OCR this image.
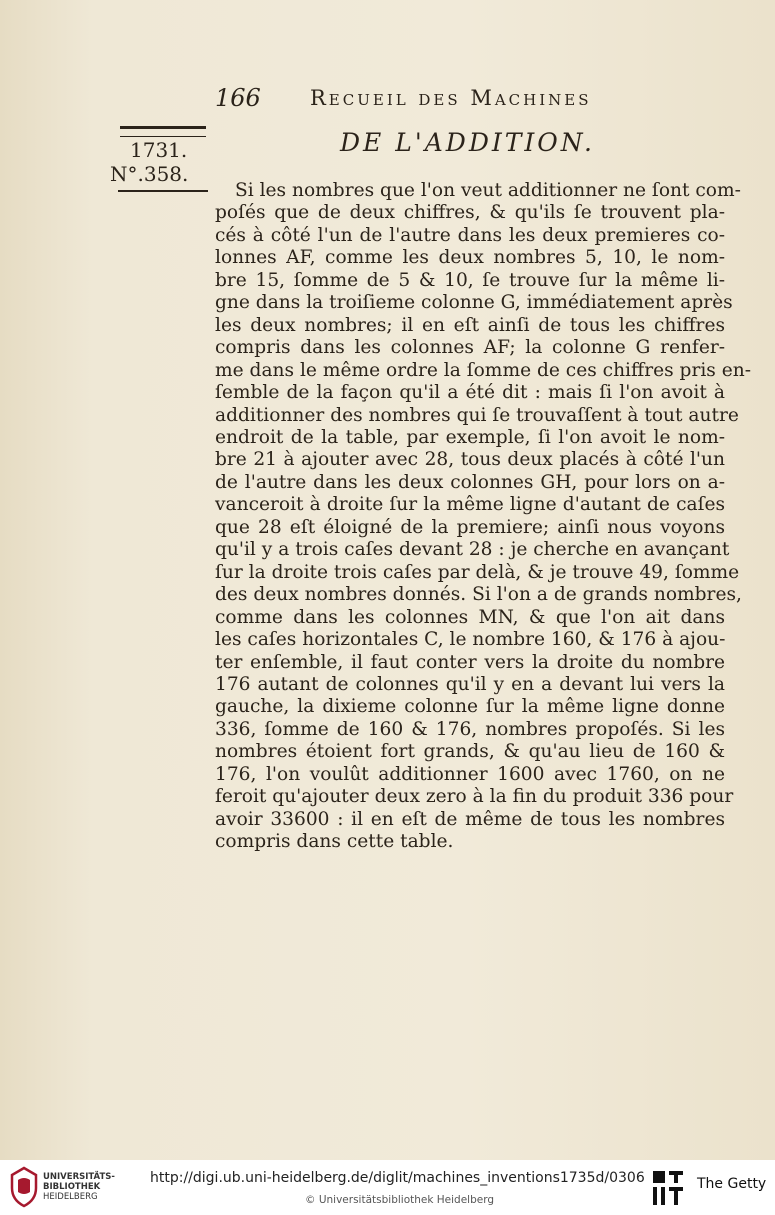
166 Recueil des Machines
1731.
N°.358.
DE L'ADDITION.
Si les nombres que l'on veut additionner ne ſont com-
poſés que de deux chiffres, & qu'ils ſe trouvent pla-
cés à côté l'un de l'autre dans les deux premieres co-
lonnes AF, comme les deux nombres 5, 10, le nom-
bre 15, ſomme de 5 & 10, ſe trouve ſur la même li-
gne dans la troiſieme colonne G, immédiatement après
les deux nombres; il en eſt ainſi de tous les chiffres
compris dans les colonnes AF; la colonne G renfer-
me dans le même ordre la ſomme de ces chiffres pris en-
ſemble de la façon qu'il a été dit : mais ſi l'on avoit à
additionner des nombres qui ſe trouvaſſent à tout autre
endroit de la table, par exemple, ſi l'on avoit le nom-
bre 21 à ajouter avec 28, tous deux placés à côté l'un
de l'autre dans les deux colonnes GH, pour lors on a-
vanceroit à droite ſur la même ligne d'autant de caſes
que 28 eſt éloigné de la premiere; ainſi nous voyons
qu'il y a trois caſes devant 28 : je cherche en avançant
ſur la droite trois caſes par delà, & je trouve 49, ſomme
des deux nombres donnés. Si l'on a de grands nombres,
comme dans les colonnes MN, & que l'on ait dans
les caſes horizontales C, le nombre 160, & 176 à ajou-
ter enſemble, il faut conter vers la droite du nombre
176 autant de colonnes qu'il y en a devant lui vers la
gauche, la dixieme colonne ſur la même ligne donne
336, ſomme de 160 & 176, nombres propoſés. Si les
nombres étoient fort grands, & qu'au lieu de 160 &
176, l'on voulût additionner 1600 avec 1760, on ne
feroit qu'ajouter deux zero à la fin du produit 336 pour
avoir 33600 : il en eſt de même de tous les nombres
compris dans cette table.
UNIVERSITÄTS-
BIBLIOTHEK
HEIDELBERG
http://digi.ub.uni-heidelberg.de/diglit/machines_inventions1735d/0306
© Universitätsbibliothek Heidelberg
The Getty
